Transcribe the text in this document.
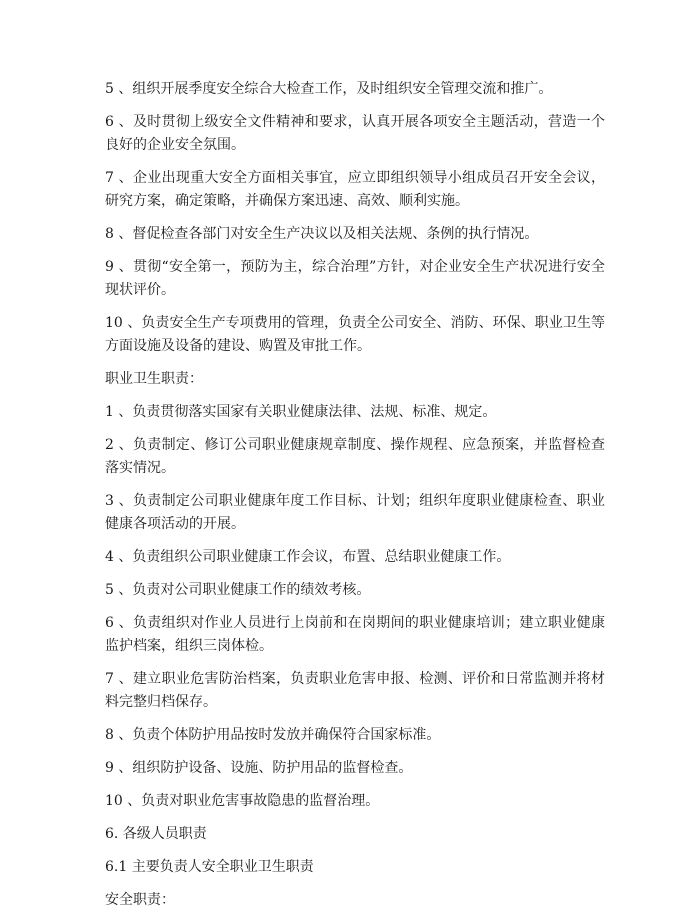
5 、组织开展季度安全综合大检查工作，及时组织安全管理交流和推广。

6 、及时贯彻上级安全文件精神和要求，认真开展各项安全主题活动，营造一个良好的企业安全氛围。

7 、企业出现重大安全方面相关事宜，应立即组织领导小组成员召开安全会议，研究方案，确定策略，并确保方案迅速、高效、顺利实施。

8 、督促检查各部门对安全生产决议以及相关法规、条例的执行情况。

9 、贯彻“安全第一，预防为主，综合治理”方针，对企业安全生产状况进行安全现状评价。

10 、负责安全生产专项费用的管理，负责全公司安全、消防、环保、职业卫生等方面设施及设备的建设、购置及审批工作。

职业卫生职责：

1 、负责贯彻落实国家有关职业健康法律、法规、标准、规定。

2 、负责制定、修订公司职业健康规章制度、操作规程、应急预案，并监督检查落实情况。

3 、负责制定公司职业健康年度工作目标、计划；组织年度职业健康检查、职业健康各项活动的开展。

4 、负责组织公司职业健康工作会议，布置、总结职业健康工作。

5 、负责对公司职业健康工作的绩效考核。

6 、负责组织对作业人员进行上岗前和在岗期间的职业健康培训；建立职业健康监护档案，组织三岗体检。

7 、建立职业危害防治档案，负责职业危害申报、检测、评价和日常监测并将材料完整归档保存。

8 、负责个体防护用品按时发放并确保符合国家标准。

9 、组织防护设备、设施、防护用品的监督检查。

10 、负责对职业危害事故隐患的监督治理。

6. 各级人员职责

6.1 主要负责人安全职业卫生职责

安全职责：
